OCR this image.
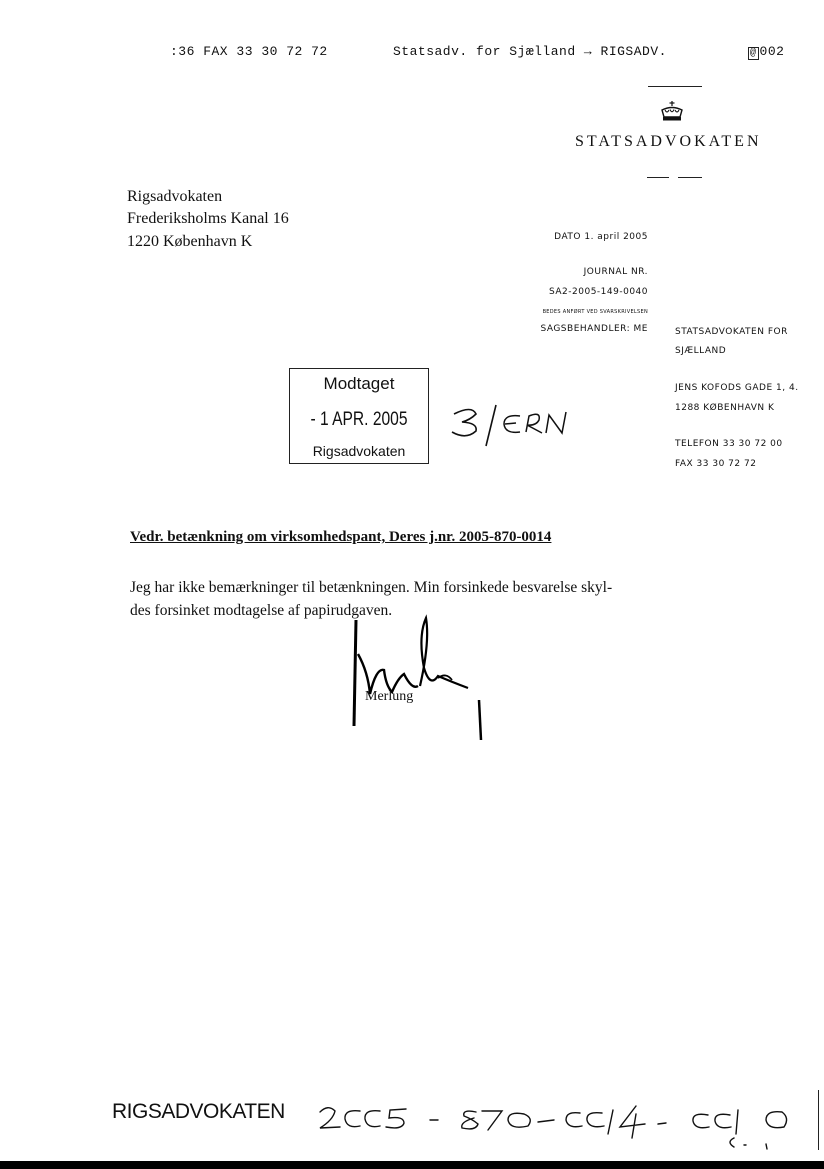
:36 FAX 33 30 72 72	Statsadv. for Sjælland → RIGSADV.	@ 002
STATSADVOKATEN
Rigsadvokaten
Frederiksholms Kanal 16
1220 København K	DATO 1. april 2005
JOURNAL NR.
SA2-2005-149-0040
BEDES ANFØRT VED SVARSKRIVELSEN
SAGSBEHANDLER: ME	STATSADVOKATEN FOR
SJÆLLAND
JENS KOFODS GADE 1, 4.
1288 KØBENHAVN K
TELEFON 33 30 72 00
FAX 33 30 72 72
Modtaget
- 1 APR. 2005
Rigsadvokaten
Vedr. betænkning om virksomhedspant, Deres j.nr. 2005-870-0014
Jeg har ikke bemærkninger til betænkningen. Min forsinkede besvarelse skyl-
des forsinket modtagelse af papirudgaven.
Merlung
RIGSADVOKATEN
